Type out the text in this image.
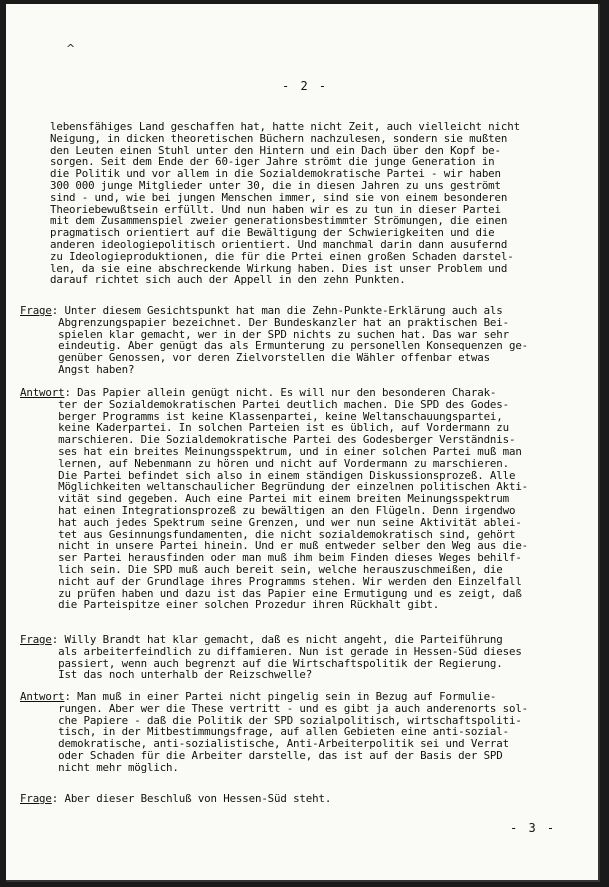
^
- 2 -

lebensfähiges Land geschaffen hat, hatte nicht Zeit, auch vielleicht nicht
Neigung, in dicken theoretischen Büchern nachzulesen, sondern sie mußten
den Leuten einen Stuhl unter den Hintern und ein Dach über den Kopf be-
sorgen. Seit dem Ende der 60-iger Jahre strömt die junge Generation in
die Politik und vor allem in die Sozialdemokratische Partei - wir haben
300 000 junge Mitglieder unter 30, die in diesen Jahren zu uns geströmt
sind - und, wie bei jungen Menschen immer, sind sie von einem besonderen
Theoriebewußtsein erfüllt. Und nun haben wir es zu tun in dieser Partei
mit dem Zusammenspiel zweier generationsbestimmter Strömungen, die einen
pragmatisch orientiert auf die Bewältigung der Schwierigkeiten und die
anderen ideologiepolitisch orientiert. Und manchmal darin dann ausufernd
zu Ideologieproduktionen, die für die Prtei einen großen Schaden darstel-
len, da sie eine abschreckende Wirkung haben. Dies ist unser Problem und
darauf richtet sich auch der Appell in den zehn Punkten.

Frage: Unter diesem Gesichtspunkt hat man die Zehn-Punkte-Erklärung auch als
Abgrenzungspapier bezeichnet. Der Bundeskanzler hat an praktischen Bei-
spielen klar gemacht, wer in der SPD nichts zu suchen hat. Das war sehr
eindeutig. Aber genügt das als Ermunterung zu personellen Konsequenzen ge-
genüber Genossen, vor deren Zielvorstellen die Wähler offenbar etwas
Angst haben?

Antwort: Das Papier allein genügt nicht. Es will nur den besonderen Charak-
ter der Sozialdemokratischen Partei deutlich machen. Die SPD des Godes-
berger Programms ist keine Klassenpartei, keine Weltanschauungspartei,
keine Kaderpartei. In solchen Parteien ist es üblich, auf Vordermann zu
marschieren. Die Sozialdemokratische Partei des Godesberger Verständnis-
ses hat ein breites Meinungsspektrum, und in einer solchen Partei muß man
lernen, auf Nebenmann zu hören und nicht auf Vordermann zu marschieren.
Die Partei befindet sich also in einem ständigen Diskussionsprozeß. Alle
Möglichkeiten weltanschaulicher Begründung der einzelnen politischen Akti-
vität sind gegeben. Auch eine Partei mit einem breiten Meinungsspektrum
hat einen Integrationsprozeß zu bewältigen an den Flügeln. Denn irgendwo
hat auch jedes Spektrum seine Grenzen, und wer nun seine Aktivität ablei-
tet aus Gesinnungsfundamenten, die nicht sozialdemokratisch sind, gehört
nicht in unsere Partei hinein. Und er muß entweder selber den Weg aus die-
ser Partei herausfinden oder man muß ihm beim Finden dieses Weges behilf-
lich sein. Die SPD muß auch bereit sein, welche herauszuschmeißen, die
nicht auf der Grundlage ihres Programms stehen. Wir werden den Einzelfall
zu prüfen haben und dazu ist das Papier eine Ermutigung und es zeigt, daß
die Parteispitze einer solchen Prozedur ihren Rückhalt gibt.

Frage: Willy Brandt hat klar gemacht, daß es nicht angeht, die Parteiführung
als arbeiterfeindlich zu diffamieren. Nun ist gerade in Hessen-Süd dieses
passiert, wenn auch begrenzt auf die Wirtschaftspolitik der Regierung.
Ist das noch unterhalb der Reizschwelle?

Antwort: Man muß in einer Partei nicht pingelig sein in Bezug auf Formulie-
rungen. Aber wer die These vertritt - und es gibt ja auch anderenorts sol-
che Papiere - daß die Politik der SPD sozialpolitisch, wirtschaftspoliti-
tisch, in der Mitbestimmungsfrage, auf allen Gebieten eine anti-sozial-
demokratische, anti-sozialistische, Anti-Arbeiterpolitik sei und Verrat
oder Schaden für die Arbeiter darstelle, das ist auf der Basis der SPD
nicht mehr möglich.

Frage: Aber dieser Beschluß von Hessen-Süd steht.

- 3 -
